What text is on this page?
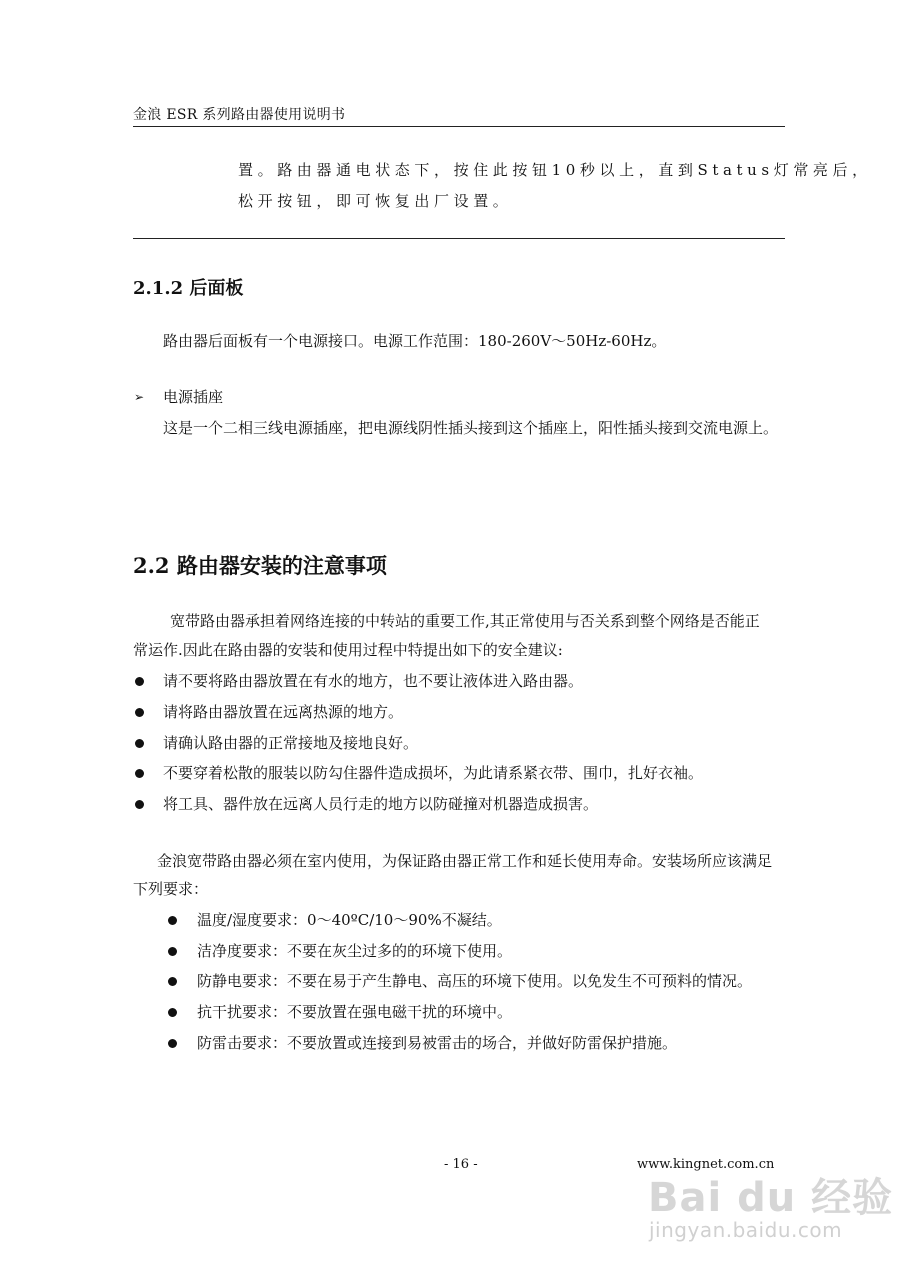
金浪 ESR 系列路由器使用说明书
置。路由器通电状态下，按住此按钮10秒以上，直到Status灯常亮后，
松开按钮，即可恢复出厂设置。
2.1.2 后面板
路由器后面板有一个电源接口。电源工作范围：180-260V～50Hz-60Hz。
➢ 电源插座
这是一个二相三线电源插座，把电源线阴性插头接到这个插座上，阳性插头接到交流电源上。
2.2 路由器安装的注意事项
宽带路由器承担着网络连接的中转站的重要工作,其正常使用与否关系到整个网络是否能正
常运作.因此在路由器的安装和使用过程中特提出如下的安全建议:
请不要将路由器放置在有水的地方，也不要让液体进入路由器。
请将路由器放置在远离热源的地方。
请确认路由器的正常接地及接地良好。
不要穿着松散的服装以防勾住器件造成损坏，为此请系紧衣带、围巾，扎好衣袖。
将工具、器件放在远离人员行走的地方以防碰撞对机器造成损害。
金浪宽带路由器必须在室内使用，为保证路由器正常工作和延长使用寿命。安装场所应该满足
下列要求：
温度/湿度要求：0～40ºC/10～90%不凝结。
洁净度要求：不要在灰尘过多的的环境下使用。
防静电要求：不要在易于产生静电、高压的环境下使用。以免发生不可预料的情况。
抗干扰要求：不要放置在强电磁干扰的环境中。
防雷击要求：不要放置或连接到易被雷击的场合，并做好防雷保护措施。
- 16 -	www.kingnet.com.cn
Bai du 经验
jingyan.baidu.com
